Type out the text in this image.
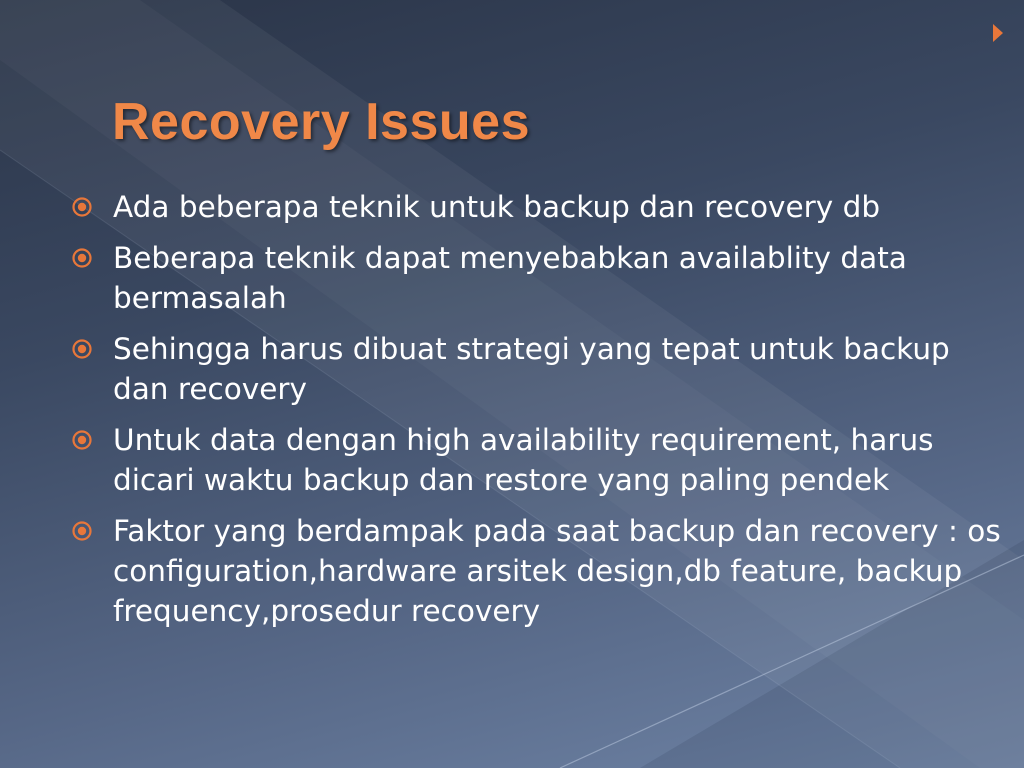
Recovery Issues
Ada beberapa teknik untuk backup dan recovery db
Beberapa teknik dapat menyebabkan availablity data bermasalah
Sehingga harus dibuat strategi yang tepat untuk backup dan recovery
Untuk data dengan high availability requirement, harus dicari waktu backup dan restore yang paling pendek
Faktor yang berdampak pada saat backup dan recovery : os configuration,hardware arsitek design,db feature, backup frequency,prosedur recovery
